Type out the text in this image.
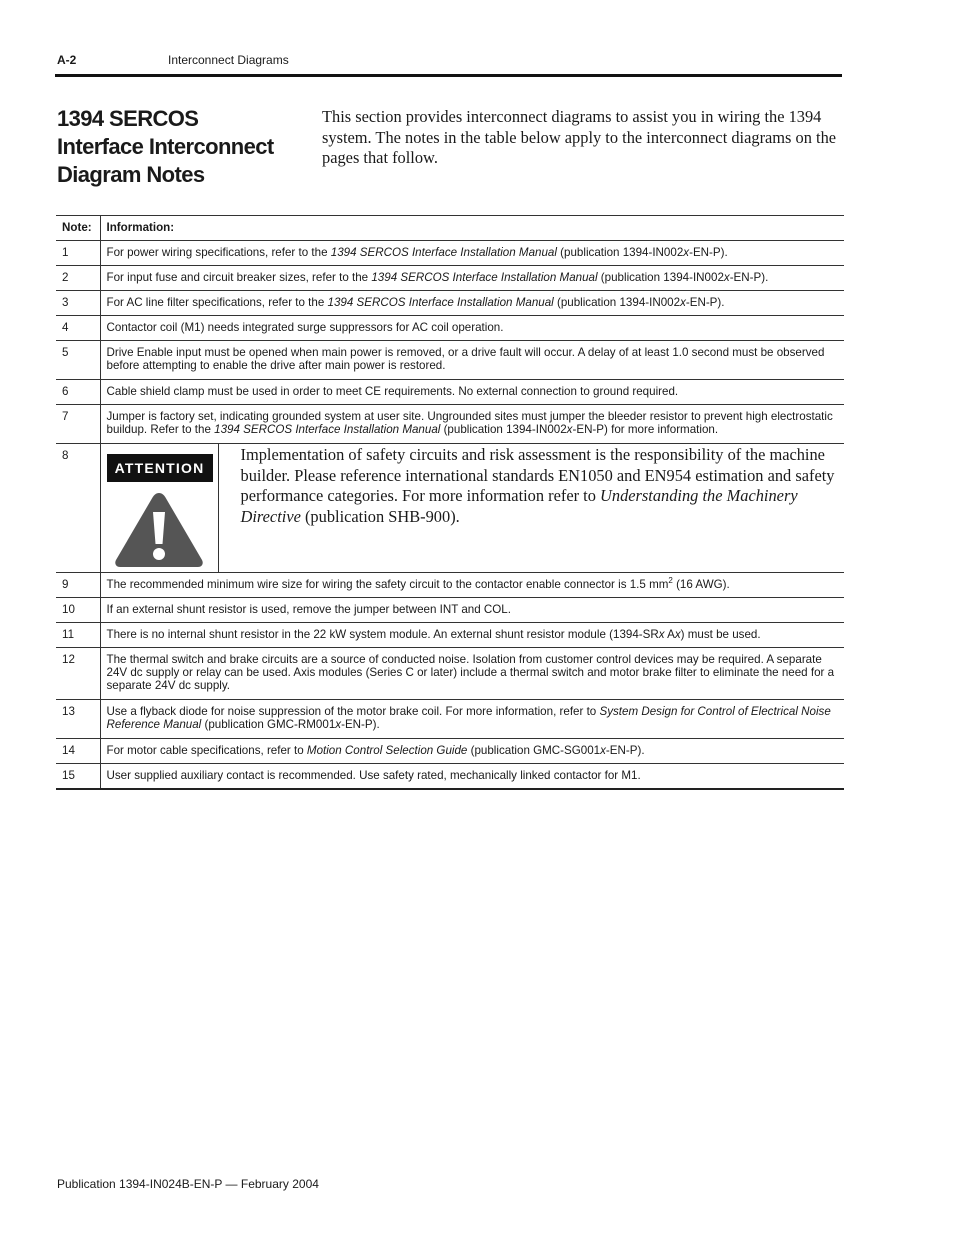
A-2	Interconnect Diagrams
1394 SERCOS Interface Interconnect Diagram Notes
This section provides interconnect diagrams to assist you in wiring the 1394 system. The notes in the table below apply to the interconnect diagrams on the pages that follow.
Note:	Information:
1	For power wiring specifications, refer to the 1394 SERCOS Interface Installation Manual (publication 1394-IN002x-EN-P).
2	For input fuse and circuit breaker sizes, refer to the 1394 SERCOS Interface Installation Manual (publication 1394-IN002x-EN-P).
3	For AC line filter specifications, refer to the 1394 SERCOS Interface Installation Manual (publication 1394-IN002x-EN-P).
4	Contactor coil (M1) needs integrated surge suppressors for AC coil operation.
5	Drive Enable input must be opened when main power is removed, or a drive fault will occur. A delay of at least 1.0 second must be observed before attempting to enable the drive after main power is restored.
6	Cable shield clamp must be used in order to meet CE requirements. No external connection to ground required.
7	Jumper is factory set, indicating grounded system at user site. Ungrounded sites must jumper the bleeder resistor to prevent high electrostatic buildup. Refer to the 1394 SERCOS Interface Installation Manual (publication 1394-IN002x-EN-P) for more information.
8	ATTENTION
Implementation of safety circuits and risk assessment is the responsibility of the machine builder. Please reference international standards EN1050 and EN954 estimation and safety performance categories. For more information refer to Understanding the Machinery Directive (publication SHB-900).

9	The recommended minimum wire size for wiring the safety circuit to the contactor enable connector is 1.5 $mm^2$ (16 AWG).
10	If an external shunt resistor is used, remove the jumper between INT and COL.
11	There is no internal shunt resistor in the 22 kW system module. An external shunt resistor module (1394-SRx Ax) must be used.
12	The thermal switch and brake circuits are a source of conducted noise. Isolation from customer control devices may be required. A separate 24V dc supply or relay can be used. Axis modules (Series C or later) include a thermal switch and motor brake filter to eliminate the need for a separate 24V dc supply.
13	Use a flyback diode for noise suppression of the motor brake coil. For more information, refer to System Design for Control of Electrical Noise Reference Manual (publication GMC-RM001x-EN-P).
14	For motor cable specifications, refer to Motion Control Selection Guide (publication GMC-SG001x-EN-P).
15	User supplied auxiliary contact is recommended. Use safety rated, mechanically linked contactor for M1.
Publication 1394-IN024B-EN-P — February 2004
